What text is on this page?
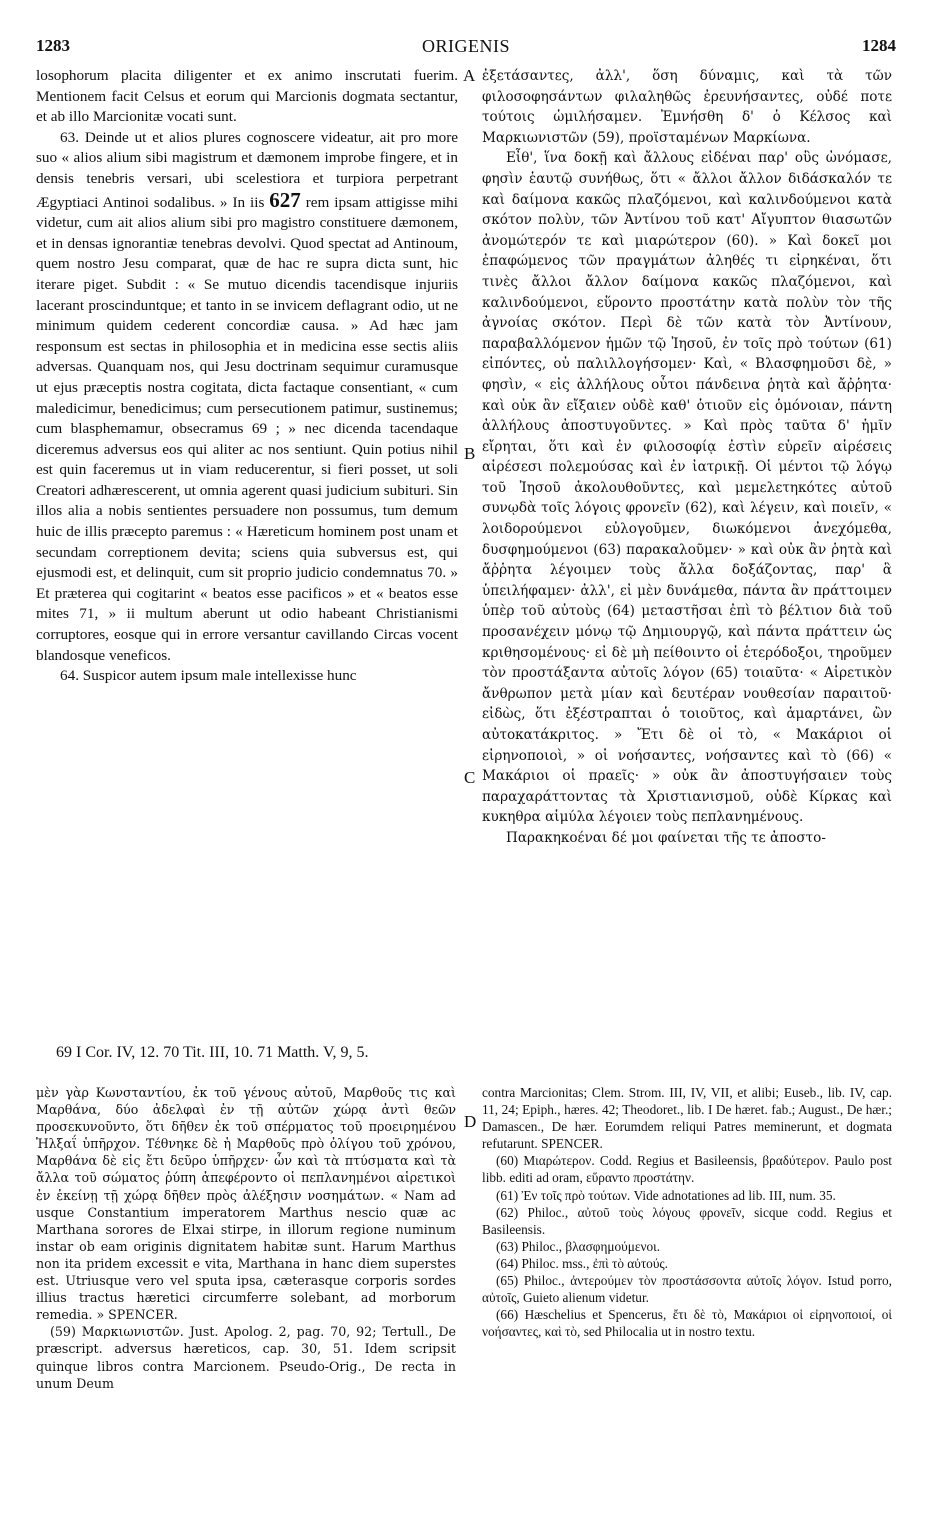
1283	ORIGENIS	1284

losophorum placita diligenter et ex animo inscrutati fuerim. Mentionem facit Celsus et eorum qui Marcionis dogmata sectantur, et ab illo Marcionitæ vocati sunt.

63. Deinde ut et alios plures cognoscere videatur, ait pro more suo « alios alium sibi magistrum et dæmonem improbe fingere, et in densis tenebris versari, ubi scelestiora et turpiora perpetrant Ægyptiaci Antinoi sodalibus. » In iis 627 rem ipsam attigisse mihi videtur, cum ait alios alium sibi pro magistro constituere dæmonem, et in densas ignorantiæ tenebras devolvi. Quod spectat ad Antinoum, quem nostro Jesu comparat, quæ de hac re supra dicta sunt, hic iterare piget. Subdit : « Se mutuo dicendis tacendisque injuriis lacerant proscinduntque; et tanto in se invicem deflagrant odio, ut ne minimum quidem cederent concordiæ causa. » Ad hæc jam responsum est sectas in philosophia et in medicina esse sectis aliis adversas. Quanquam nos, qui Jesu doctrinam sequimur curamusque ut ejus præceptis nostra cogitata, dicta factaque consentiant, « cum maledicimur, benedicimus; cum persecutionem patimur, sustinemus; cum blasphemamur, obsecramus 69 ; » nec dicenda tacendaque diceremus adversus eos qui aliter ac nos sentiunt. Quin potius nihil est quin faceremus ut in viam reducerentur, si fieri posset, ut soli Creatori adhærescerent, ut omnia agerent quasi judicium subituri. Sin illos alia a nobis sentientes persuadere non possumus, tum demum huic de illis præcepto paremus : « Hæreticum hominem post unam et secundam correptionem devita; sciens quia subversus est, qui ejusmodi est, et delinquit, cum sit proprio judicio condemnatus 70. » Et præterea qui cogitarint « beatos esse pacificos » et « beatos esse mites 71, » ii multum aberunt ut odio habeant Christianismi corruptores, eosque qui in errore versantur cavillando Circas vocent blandosque veneficos.

64. Suspicor autem ipsum male intellexisse hunc

A
B
C
D

ἐξετάσαντες, ἀλλ', ὅση δύναμις, καὶ τὰ τῶν φιλοσοφησάντων φιλαληθῶς ἐρευνήσαντες, οὐδέ ποτε τούτοις ὡμιλήσαμεν. Ἐμνήσθη δ' ὁ Κέλσος καὶ Μαρκιωνιστῶν (59), προϊσταμένων Μαρκίωνα.

Εἶθ', ἵνα δοκῇ καὶ ἄλλους εἰδέναι παρ' οὓς ὠνόμασε, φησὶν ἑαυτῷ συνήθως, ὅτι « ἄλλοι ἄλλον διδάσκαλόν τε καὶ δαίμονα κακῶς πλαζόμενοι, καὶ καλινδούμενοι κατὰ σκότον πολὺν, τῶν Ἀντίνου τοῦ κατ' Αἴγυπτον θιασωτῶν ἀνομώτερόν τε καὶ μιαρώτερον (60). » Καὶ δοκεῖ μοι ἐπαφώμενος τῶν πραγμάτων ἀληθές τι εἰρηκέναι, ὅτι τινὲς ἄλλοι ἄλλον δαίμονα κακῶς πλαζόμενοι, καὶ καλινδούμενοι, εὕροντο προστάτην κατὰ πολὺν τὸν τῆς ἀγνοίας σκότον. Περὶ δὲ τῶν κατὰ τὸν Ἀντίνουν, παραβαλλόμενον ἡμῶν τῷ Ἰησοῦ, ἐν τοῖς πρὸ τούτων (61) εἰπόντες, οὐ παλιλλογήσομεν· Καὶ, « Βλασφημοῦσι δὲ, » φησὶν, « εἰς ἀλλήλους οὗτοι πάνδεινα ῥητὰ καὶ ἄῤῥητα· καὶ οὐκ ἂν εἴξαιεν οὐδὲ καθ' ὁτιοῦν εἰς ὁμόνοιαν, πάντη ἀλλήλους ἀποστυγοῦντες. » Καὶ πρὸς ταῦτα δ' ἡμῖν εἴρηται, ὅτι καὶ ἐν φιλοσοφίᾳ ἐστὶν εὑρεῖν αἱρέσεις αἱρέσεσι πολεμούσας καὶ ἐν ἰατρικῇ. Οἱ μέντοι τῷ λόγῳ τοῦ Ἰησοῦ ἀκολουθοῦντες, καὶ μεμελετηκότες αὐτοῦ συνῳδὰ τοῖς λόγοις φρονεῖν (62), καὶ λέγειν, καὶ ποιεῖν, « λοιδορούμενοι εὐλογοῦμεν, διωκόμενοι ἀνεχόμεθα, δυσφημούμενοι (63) παρακαλοῦμεν· » καὶ οὐκ ἂν ῥητὰ καὶ ἄῤῥητα λέγοιμεν τοὺς ἄλλα δοξάζοντας, παρ' ἃ ὑπειλήφαμεν· ἀλλ', εἰ μὲν δυνάμεθα, πάντα ἂν πράττοιμεν ὑπὲρ τοῦ αὐτοὺς (64) μεταστῆσαι ἐπὶ τὸ βέλτιον διὰ τοῦ προσανέχειν μόνῳ τῷ Δημιουργῷ, καὶ πάντα πράττειν ὡς κριθησομένους· εἰ δὲ μὴ πείθοιντο οἱ ἑτερόδοξοι, τηροῦμεν τὸν προστάξαντα αὐτοῖς λόγον (65) τοιαῦτα· « Αἱρετικὸν ἄνθρωπον μετὰ μίαν καὶ δευτέραν νουθεσίαν παραιτοῦ· εἰδὼς, ὅτι ἐξέστραπται ὁ τοιοῦτος, καὶ ἁμαρτάνει, ὢν αὐτοκατάκριτος. » Ἔτι δὲ οἱ τὸ, « Μακάριοι οἱ εἰρηνοποιοὶ, » οἱ νοήσαντες, νοήσαντες καὶ τὸ (66) « Μακάριοι οἱ πραεῖς· » οὐκ ἂν ἀποστυγήσαιεν τοὺς παραχαράττοντας τὰ Χριστιανισμοῦ, οὐδὲ Κίρκας καὶ κυκηθρα αἱμύλα λέγοιεν τοὺς πεπλανημένους.

Παρακηκοέναι δέ μοι φαίνεται τῆς τε ἀποστο-

69 I Cor. IV, 12. 70 Tit. III, 10. 71 Matth. V, 9, 5.

μὲν γὰρ Κωνσταντίου, ἐκ τοῦ γένους αὐτοῦ, Μαρθοῦς τις καὶ Μαρθάνα, δύο ἀδελφαὶ ἐν τῇ αὐτῶν χώρᾳ ἀντὶ θεῶν προσεκυνοῦντο, ὅτι δῆθεν ἐκ τοῦ σπέρματος τοῦ προειρημένου Ἠλξαΐ ὑπῆρχον. Τέθνηκε δὲ ἡ Μαρθοῦς πρὸ ὀλίγου τοῦ χρόνου, Μαρθάνα δὲ εἰς ἔτι δεῦρο ὑπῆρχεν· ὧν καὶ τὰ πτύσματα καὶ τὰ ἄλλα τοῦ σώματος ῥύπη ἀπεφέροντο οἱ πεπλανημένοι αἱρετικοὶ ἐν ἐκείνῃ τῇ χώρᾳ δῆθεν πρὸς ἀλέξησιν νοσημάτων. « Nam ad usque Constantium imperatorem Marthus nescio quæ ac Marthana sorores de Elxai stirpe, in illorum regione numinum instar ob eam originis dignitatem habitæ sunt. Harum Marthus non ita pridem excessit e vita, Marthana in hanc diem superstes est. Utriusque vero vel sputa ipsa, cæterasque corporis sordes illius tractus hæretici circumferre solebant, ad morborum remedia. » SPENCER.

(59) Μαρκιωνιστῶν. Just. Apolog. 2, pag. 70, 92; Tertull., De præscript. adversus hæreticos, cap. 30, 51. Idem scripsit quinque libros contra Marcionem. Pseudo-Orig., De recta in unum Deum

contra Marcionitas; Clem. Strom. III, IV, VII, et alibi; Euseb., lib. IV, cap. 11, 24; Epiph., hæres. 42; Theodoret., lib. I De hæret. fab.; August., De hær.; Damascen., De hær. Eorumdem reliqui Patres meminerunt, et dogmata refutarunt. SPENCER.

(60) Μιαρώτερον. Codd. Regius et Basileensis, βραδύτερον. Paulo post libb. editi ad oram, εὕραντο προστάτην.

(61) Ἐν τοῖς πρὸ τούτων. Vide adnotationes ad lib. III, num. 35.

(62) Philoc., αὐτοῦ τοὺς λόγους φρονεῖν, sicque codd. Regius et Basileensis.

(63) Philoc., βλασφημούμενοι.

(64) Philoc. mss., ἐπὶ τὸ αὐτούς.

(65) Philoc., ἀντερούμεν τὸν προστάσσοντα αὐτοῖς λόγον. Istud porro, αὐτοῖς, Guieto alienum videtur.

(66) Hæschelius et Spencerus, ἔτι δὲ τὸ, Μακάριοι οἱ εἰρηνοποιοί, οἱ νοήσαντες, καὶ τὸ, sed Philocalia ut in nostro textu.
